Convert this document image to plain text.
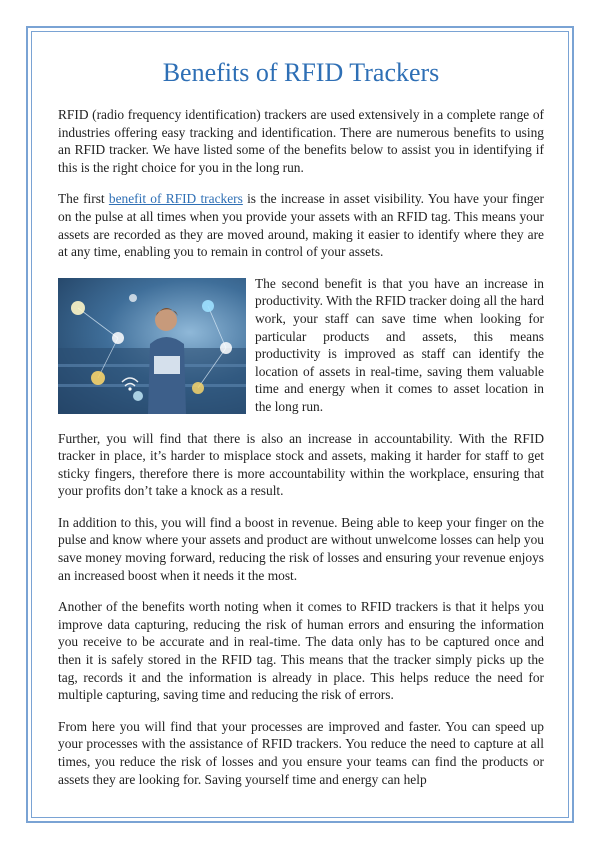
Benefits of RFID Trackers

RFID (radio frequency identification) trackers are used extensively in a complete range of industries offering easy tracking and identification. There are numerous benefits to using an RFID tracker. We have listed some of the benefits below to assist you in identifying if this is the right choice for you in the long run.

The first benefit of RFID trackers is the increase in asset visibility. You have your finger on the pulse at all times when you provide your assets with an RFID tag. This means your assets are recorded as they are moved around, making it easier to identify where they are at any time, enabling you to remain in control of your assets.

The second benefit is that you have an increase in productivity. With the RFID tracker doing all the hard work, your staff can save time when looking for particular products and assets, this means productivity is improved as staff can identify the location of assets in real-time, saving them valuable time and energy when it comes to asset location in the long run.

Further, you will find that there is also an increase in accountability. With the RFID tracker in place, it’s harder to misplace stock and assets, making it harder for staff to get sticky fingers, therefore there is more accountability within the workplace, ensuring that your profits don’t take a knock as a result.

In addition to this, you will find a boost in revenue. Being able to keep your finger on the pulse and know where your assets and product are without unwelcome losses can help you save money moving forward, reducing the risk of losses and ensuring your revenue enjoys an increased boost when it needs it the most.

Another of the benefits worth noting when it comes to RFID trackers is that it helps you improve data capturing, reducing the risk of human errors and ensuring the information you receive to be accurate and in real-time. The data only has to be captured once and then it is safely stored in the RFID tag. This means that the tracker simply picks up the tag, records it and the information is already in place. This helps reduce the need for multiple capturing, saving time and reducing the risk of errors.

From here you will find that your processes are improved and faster. You can speed up your processes with the assistance of RFID trackers. You reduce the need to capture at all times, you reduce the risk of losses and you ensure your teams can find the products or assets they are looking for. Saving yourself time and energy can help
